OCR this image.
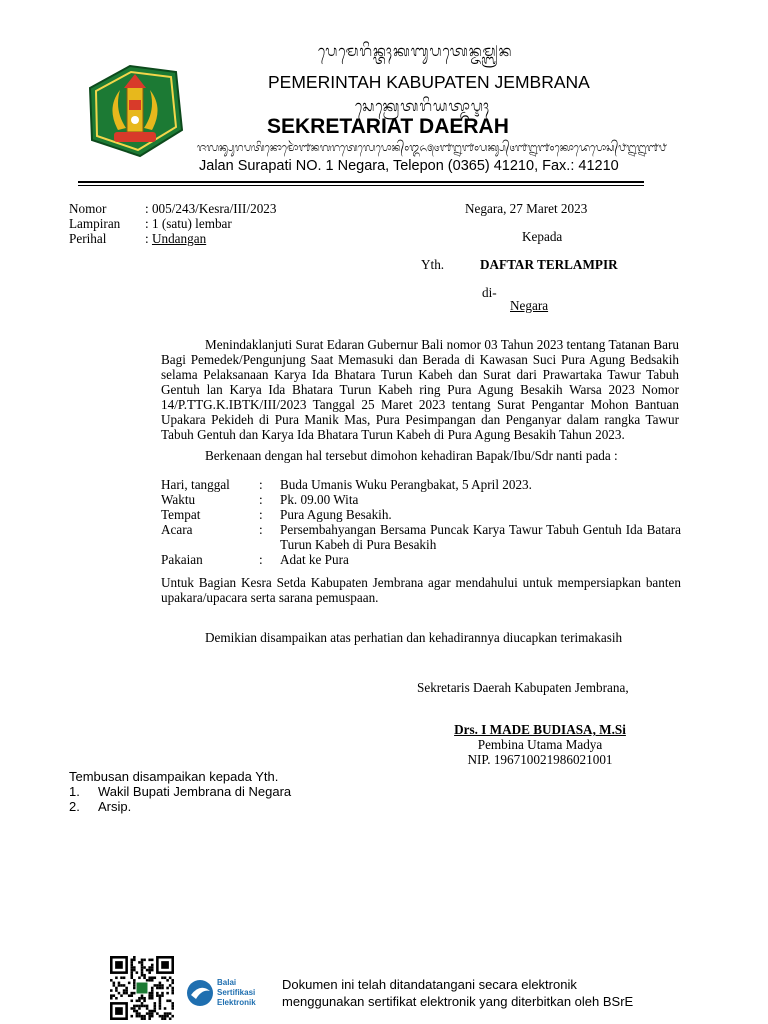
ᬧᬾᬫᬾᬭᬶᬦ᭄ᬢᬄᬓᬩᬸᬧᬢᬾᬦ᭄ᬚᬫ᭄ᬩ᭄ᬭᬦ
PEMERINTAH KABUPATEN JEMBRANA
ᬲᬾᬓ᭄ᬭᬾᬢᬭᬶᬬᬢ᭄ᬤᬵᬋᬄ
SEKRETARIAT DAERAH
ᬚᬮᬦ᭄ᬲᬸᬭᬧᬢᬶᬦᭀᬫᭀᬃ᭑ᬦᬕᬭᬢᬾᬮᬾᬧᭀᬦ᭄᭐᭓᭖᭕᭔᭑᭒᭑᭐ᬧᬓ᭄ᬲ᭄᭔᭑᭒᭑᭐ᬓᭀᬤᬾᬧᭀᬲ᭄᭘᭒᭒᭑᭘
Jalan Surapati NO. 1 Negara, Telepon (0365) 41210, Fax.: 41210
Nomor	: 005/243/Kesra/III/2023
Lampiran : 1 (satu) lembar
Perihal	: Undangan
Negara, 27 Maret 2023
Kepada
Yth.	DAFTAR TERLAMPIR
di-
Negara
Menindaklanjuti Surat Edaran Gubernur Bali nomor 03 Tahun 2023 tentang Tatanan Baru Bagi Pemedek/Pengunjung Saat Memasuki dan Berada di Kawasan Suci Pura Agung Bedsakih selama Pelaksanaan Karya Ida Bhatara Turun Kabeh dan Surat dari Prawartaka Tawur Tabuh Gentuh lan Karya Ida Bhatara Turun Kabeh ring Pura Agung Besakih Warsa 2023 Nomor 14/P.TTG.K.IBTK/III/2023 Tanggal 25 Maret 2023 tentang Surat Pengantar Mohon Bantuan Upakara Pekideh di Pura Manik Mas, Pura Pesimpangan dan Penganyar dalam rangka Tawur Tabuh Gentuh dan Karya Ida Bhatara Turun Kabeh di Pura Agung Besakih Tahun 2023.
Berkenaan dengan hal tersebut dimohon kehadiran Bapak/Ibu/Sdr nanti pada :
Hari, tanggal	:	Buda Umanis Wuku Perangbakat, 5 April 2023.
Waktu	:	Pk. 09.00 Wita
Tempat	:	Pura Agung Besakih.
Acara	:	Persembahyangan Bersama Puncak Karya Tawur Tabuh Gentuh Ida Batara Turun Kabeh di Pura Besakih
Pakaian	:	Adat ke Pura
Untuk Bagian Kesra Setda Kabupaten Jembrana agar mendahului untuk mempersiapkan banten upakara/upacara serta sarana pemuspaan.
Demikian disampaikan atas perhatian dan kehadirannya diucapkan terimakasih
Sekretaris Daerah Kabupaten Jembrana,
Drs. I MADE BUDIASA, M.Si
Pembina Utama Madya
NIP. 196710021986021001
Tembusan disampaikan kepada Yth.
1. Wakil Bupati Jembrana di Negara
2. Arsip.
Balai
Sertifikasi
Elektronik
Dokumen ini telah ditandatangani secara elektronik
menggunakan sertifikat elektronik yang diterbitkan oleh BSrE
